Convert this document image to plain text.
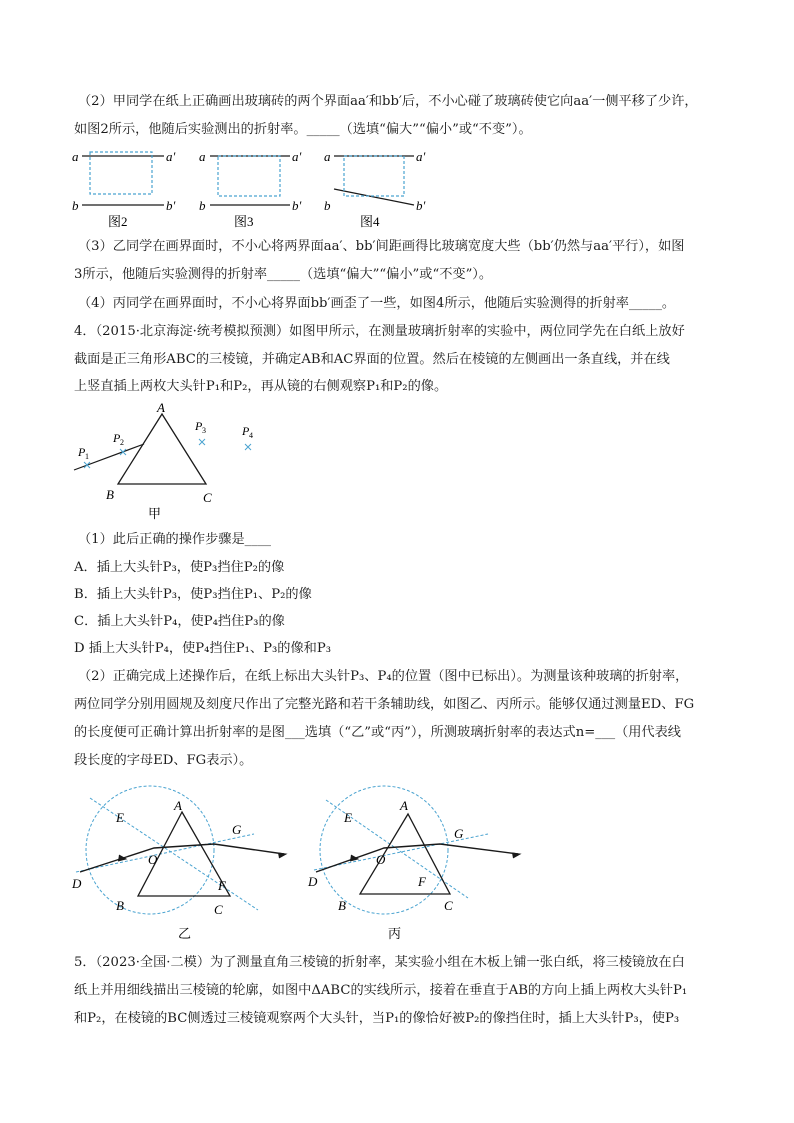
（2）甲同学在纸上正确画出玻璃砖的两个界面aa′和bb′后，不小心碰了玻璃砖使它向aa′一侧平移了少许，
如图2所示，他随后实验测出的折射率。_____（选填“偏大”“偏小”或“不变”）。
a	a′
b	b′
图2
a	a′
b	b′
图3
a	a′
b	b′
图4
（3）乙同学在画界面时，不小心将两界面aa′、bb′间距画得比玻璃宽度大些（bb′仍然与aa′平行），如图
3所示，他随后实验测得的折射率_____（选填“偏大”“偏小”或“不变”）。
（4）丙同学在画界面时，不小心将界面bb′画歪了一些，如图4所示，他随后实验测得的折射率_____。
4．（2015·北京海淀·统考模拟预测）如图甲所示，在测量玻璃折射率的实验中，两位同学先在白纸上放好
截面是正三角形ABC的三棱镜，并确定AB和AC界面的位置。然后在棱镜的左侧画出一条直线，并在线
上竖直插上两枚大头针P₁和P₂，再从镜的右侧观察P₁和P₂的像。
A
B	C
P 1
P 2
P 3	P 4
甲
（1）此后正确的操作步骤是____
A．插上大头针P₃，使P₃挡住P₂的像
B．插上大头针P₃，使P₃挡住P₁、P₂的像
C．插上大头针P₄，使P₄挡住P₃的像
D 插上大头针P₄，使P₄挡住P₁、P₃的像和P₃
（2）正确完成上述操作后，在纸上标出大头针P₃、P₄的位置（图中已标出）。为测量该种玻璃的折射率，
两位同学分别用圆规及刻度尺作出了完整光路和若干条辅助线，如图乙、丙所示。能够仅通过测量ED、FG
的长度便可正确计算出折射率的是图___选填（“乙”或“丙”），所测玻璃折射率的表达式n=___（用代表线
段长度的字母ED、FG表示）。
A
B	C
D
E
F
G
O
乙
A
B	C
D
E
F
G
O
丙
5．（2023·全国·二模）为了测量直角三棱镜的折射率，某实验小组在木板上铺一张白纸，将三棱镜放在白
纸上并用细线描出三棱镜的轮廓，如图中ΔABC的实线所示，接着在垂直于AB的方向上插上两枚大头针P₁
和P₂，在棱镜的BC侧透过三棱镜观察两个大头针，当P₁的像恰好被P₂的像挡住时，插上大头针P₃，使P₃
